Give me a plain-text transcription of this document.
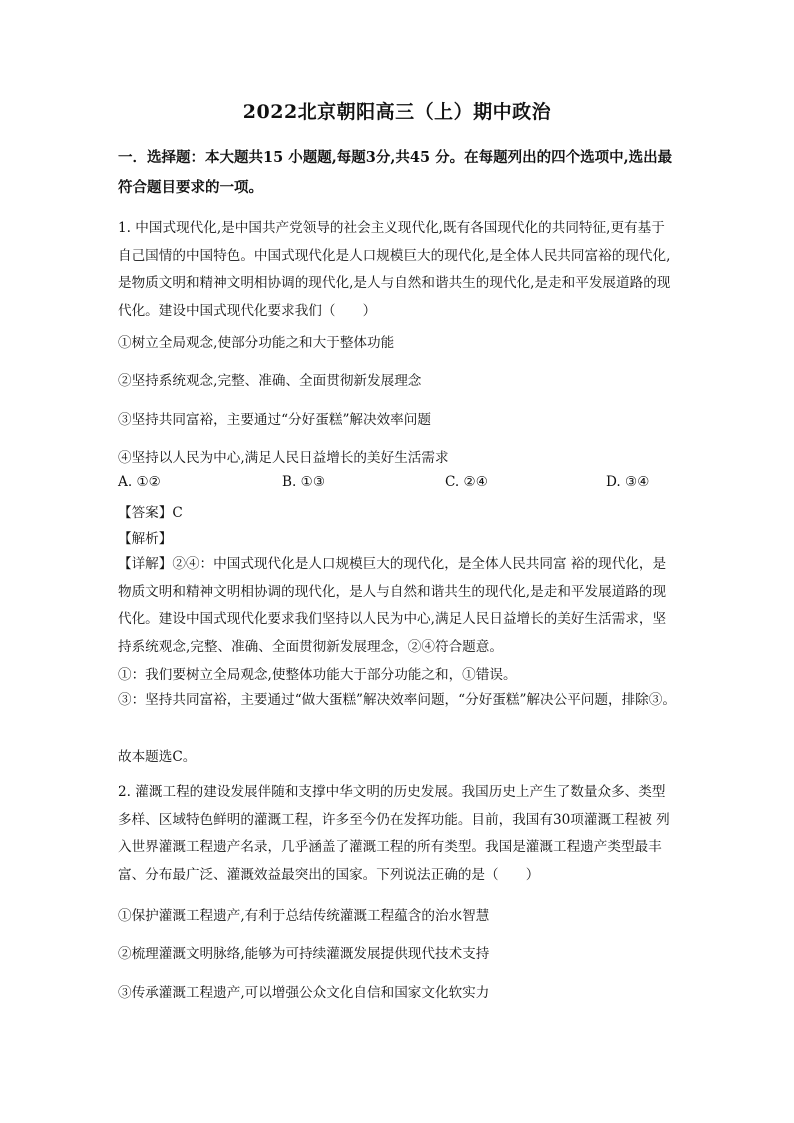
2022北京朝阳高三（上）期中政治
一．选择题：本大题共15 小题题,每题3分,共45 分。在每题列出的四个选项中,选出最符合题目要求的一项。
1. 中国式现代化,是中国共产党领导的社会主义现代化,既有各国现代化的共同特征,更有基于自己国情的中国特色。中国式现代化是人口规模巨大的现代化,是全体人民共同富裕的现代化,是物质文明和精神文明相协调的现代化,是人与自然和谐共生的现代化,是走和平发展道路的现代化。建设中国式现代化要求我们（　　）
①树立全局观念,使部分功能之和大于整体功能
②坚持系统观念,完整、准确、全面贯彻新发展理念
③坚持共同富裕，主要通过“分好蛋糕”解决效率问题
④坚持以人民为中心,满足人民日益增长的美好生活需求
A. ①②	B. ①③	C. ②④	D. ③④
【答案】C
【解析】
【详解】②④：中国式现代化是人口规模巨大的现代化，是全体人民共同富 裕的现代化，是物质文明和精神文明相协调的现代化，是人与自然和谐共生的现代化,是走和平发展道路的现代化。建设中国式现代化要求我们坚持以人民为中心,满足人民日益增长的美好生活需求，坚持系统观念,完整、准确、全面贯彻新发展理念，②④符合题意。
①：我们要树立全局观念,使整体功能大于部分功能之和，①错误。
③：坚持共同富裕，主要通过“做大蛋糕”解决效率问题，“分好蛋糕”解决公平问题，排除③。
故本题选C。
2. 灌溉工程的建设发展伴随和支撑中华文明的历史发展。我国历史上产生了数量众多、类型多样、区域特色鲜明的灌溉工程，许多至今仍在发挥功能。目前，我国有30项灌溉工程被 列入世界灌溉工程遗产名录，几乎涵盖了灌溉工程的所有类型。我国是灌溉工程遗产类型最丰富、分布最广泛、灌溉效益最突出的国家。下列说法正确的是（　　）
①保护灌溉工程遗产,有利于总结传统灌溉工程蕴含的治水智慧
②梳理灌溉文明脉络,能够为可持续灌溉发展提供现代技术支持
③传承灌溉工程遗产,可以增强公众文化自信和国家文化软实力
